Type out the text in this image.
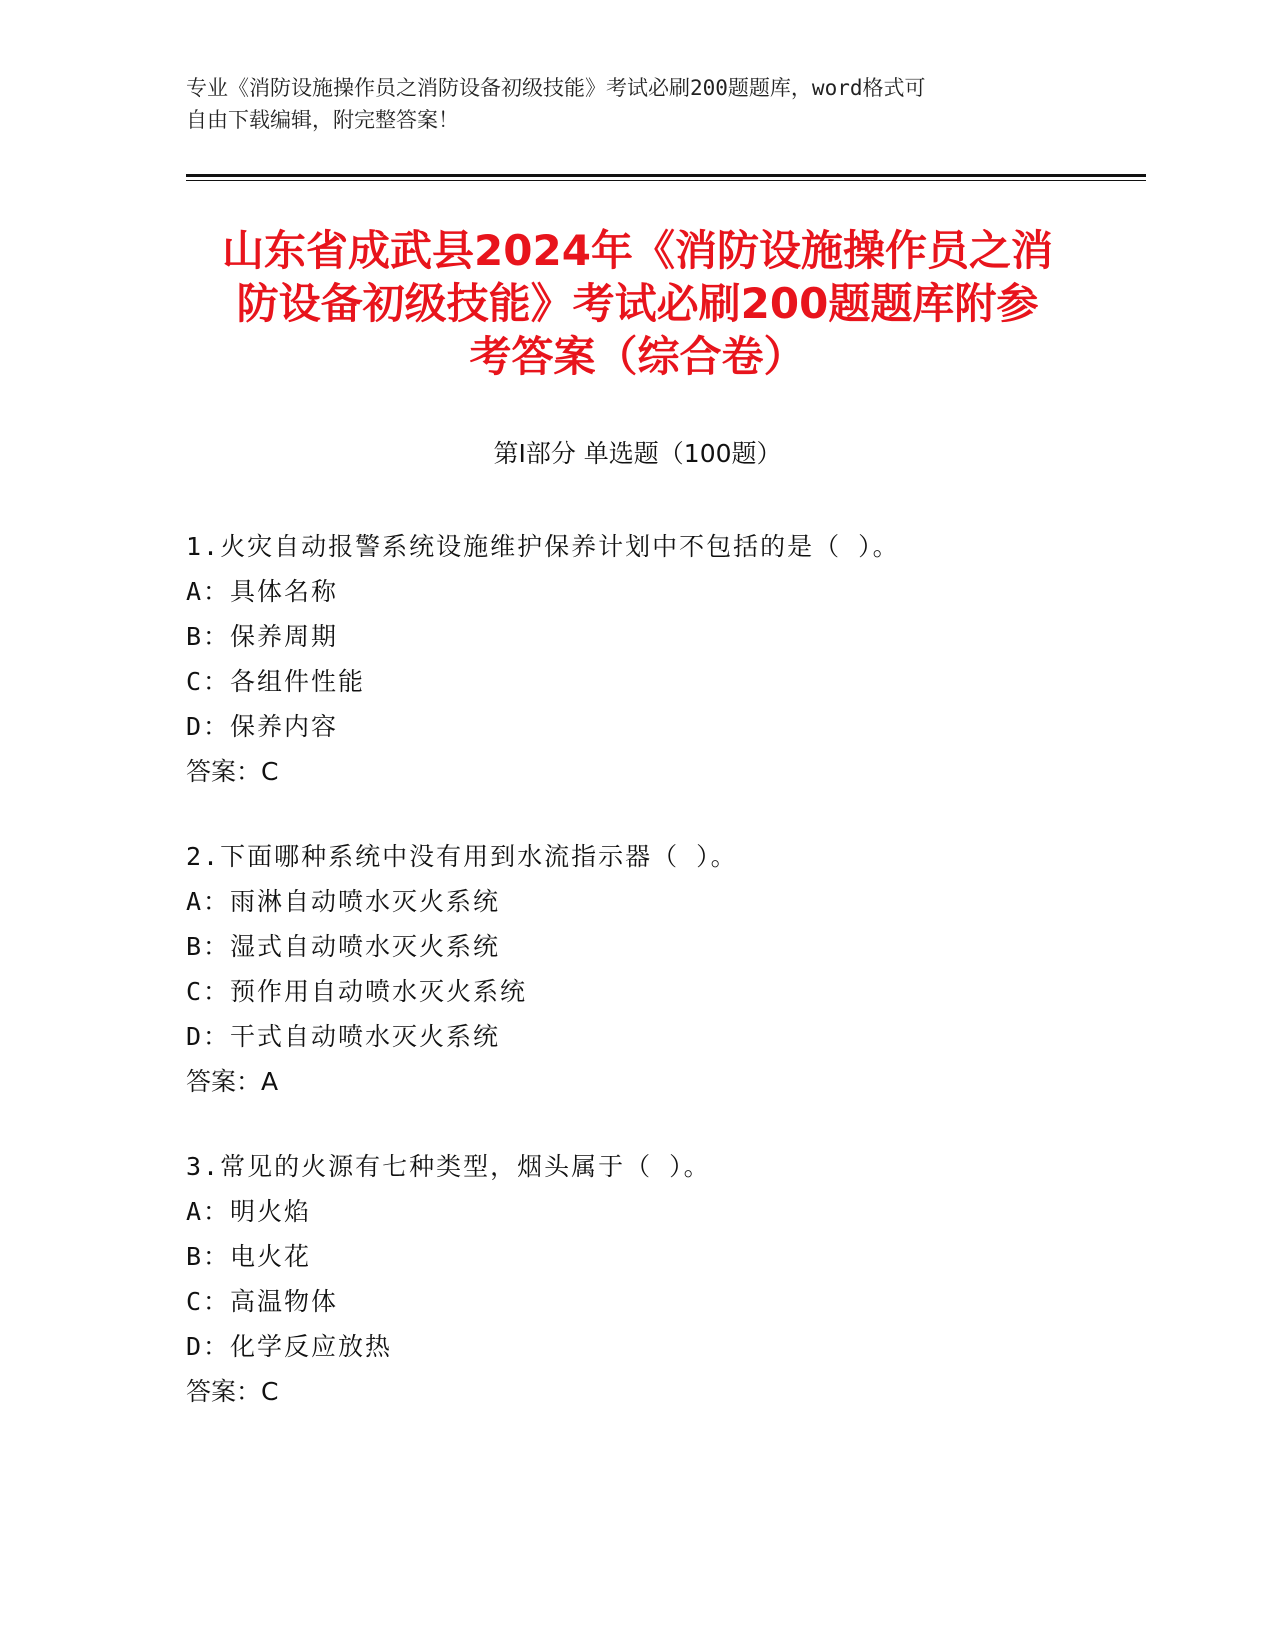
专业《消防设施操作员之消防设备初级技能》考试必刷200题题库，word格式可
自由下载编辑，附完整答案！
山东省成武县2024年《消防设施操作员之消
防设备初级技能》考试必刷200题题库附参
考答案（综合卷）
第Ⅰ部分 单选题（100题）
1.火灾自动报警系统设施维护保养计划中不包括的是（ ）。
A：具体名称
B：保养周期
C：各组件性能
D：保养内容
答案：C
2.下面哪种系统中没有用到水流指示器（ ）。
A：雨淋自动喷水灭火系统
B：湿式自动喷水灭火系统
C：预作用自动喷水灭火系统
D：干式自动喷水灭火系统
答案：A
3.常见的火源有七种类型，烟头属于（ ）。
A：明火焰
B：电火花
C：高温物体
D：化学反应放热
答案：C
